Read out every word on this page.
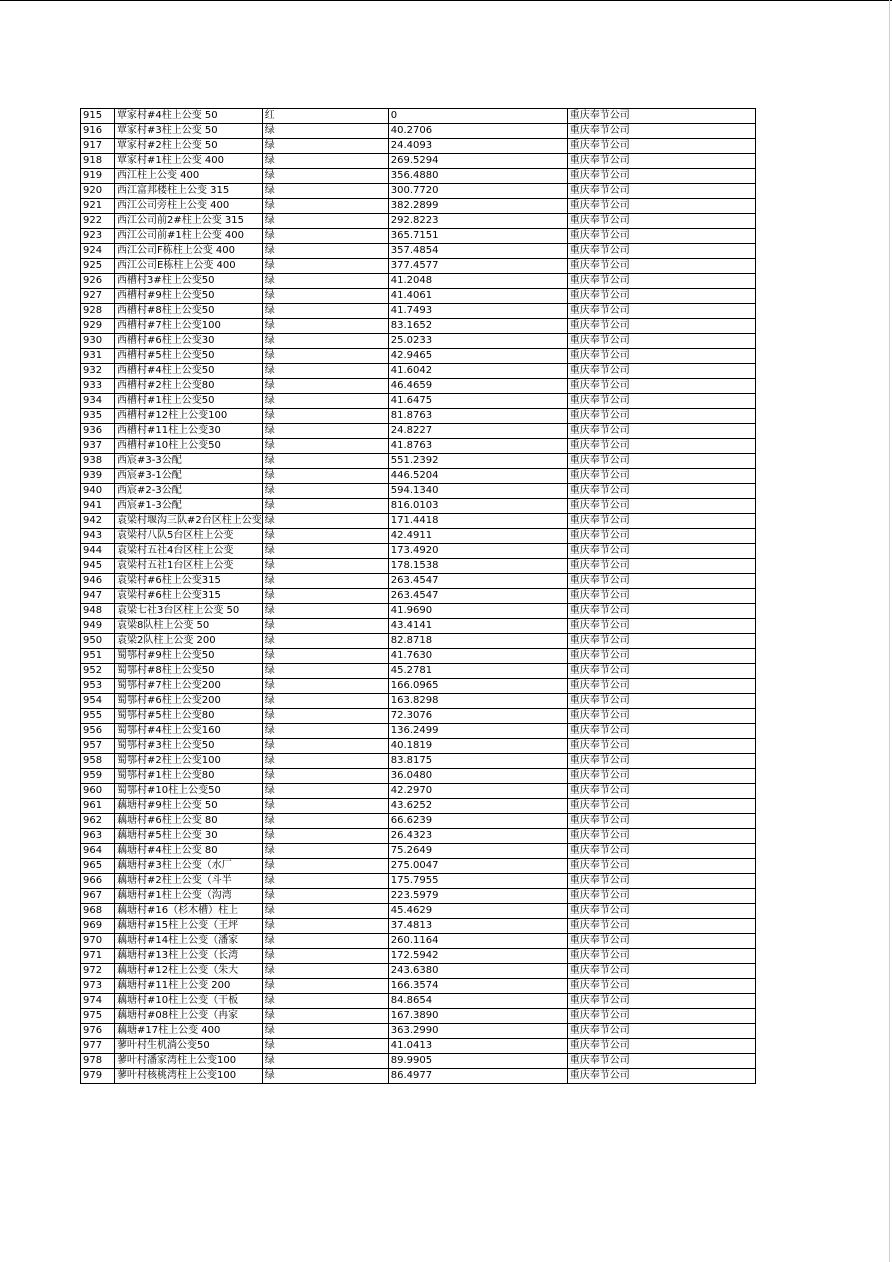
915	覃家村#4柱上公变 50	红	0	重庆奉节公司
916	覃家村#3柱上公变 50	绿	40.2706	重庆奉节公司
917	覃家村#2柱上公变 50	绿	24.4093	重庆奉节公司
918	覃家村#1柱上公变 400	绿	269.5294	重庆奉节公司
919	西江柱上公变 400	绿	356.4880	重庆奉节公司
920	西江富邦楼柱上公变 315	绿	300.7720	重庆奉节公司
921	西江公司旁柱上公变 400	绿	382.2899	重庆奉节公司
922	西江公司前2#柱上公变 315	绿	292.8223	重庆奉节公司
923	西江公司前#1柱上公变 400	绿	365.7151	重庆奉节公司
924	西江公司F栋柱上公变 400	绿	357.4854	重庆奉节公司
925	西江公司E栋柱上公变 400	绿	377.4577	重庆奉节公司
926	西槽村3#柱上公变50	绿	41.2048	重庆奉节公司
927	西槽村#9柱上公变50	绿	41.4061	重庆奉节公司
928	西槽村#8柱上公变50	绿	41.7493	重庆奉节公司
929	西槽村#7柱上公变100	绿	83.1652	重庆奉节公司
930	西槽村#6柱上公变30	绿	25.0233	重庆奉节公司
931	西槽村#5柱上公变50	绿	42.9465	重庆奉节公司
932	西槽村#4柱上公变50	绿	41.6042	重庆奉节公司
933	西槽村#2柱上公变80	绿	46.4659	重庆奉节公司
934	西槽村#1柱上公变50	绿	41.6475	重庆奉节公司
935	西槽村#12柱上公变100	绿	81.8763	重庆奉节公司
936	西槽村#11柱上公变30	绿	24.8227	重庆奉节公司
937	西槽村#10柱上公变50	绿	41.8763	重庆奉节公司
938	西宸#3-3公配	绿	551.2392	重庆奉节公司
939	西宸#3-1公配	绿	446.5204	重庆奉节公司
940	西宸#2-3公配	绿	594.1340	重庆奉节公司
941	西宸#1-3公配	绿	816.0103	重庆奉节公司
942	袁梁村堰沟三队#2台区柱上公变	绿	171.4418	重庆奉节公司
943	袁梁村八队5台区柱上公变	绿	42.4911	重庆奉节公司
944	袁梁村五社4台区柱上公变	绿	173.4920	重庆奉节公司
945	袁梁村五社1台区柱上公变	绿	178.1538	重庆奉节公司
946	袁梁村#6柱上公变315	绿	263.4547	重庆奉节公司
947	袁梁村#6柱上公变315	绿	263.4547	重庆奉节公司
948	袁梁七社3台区柱上公变 50	绿	41.9690	重庆奉节公司
949	袁梁8队柱上公变 50	绿	43.4141	重庆奉节公司
950	袁梁2队柱上公变 200	绿	82.8718	重庆奉节公司
951	蜀鄂村#9柱上公变50	绿	41.7630	重庆奉节公司
952	蜀鄂村#8柱上公变50	绿	45.2781	重庆奉节公司
953	蜀鄂村#7柱上公变200	绿	166.0965	重庆奉节公司
954	蜀鄂村#6柱上公变200	绿	163.8298	重庆奉节公司
955	蜀鄂村#5柱上公变80	绿	72.3076	重庆奉节公司
956	蜀鄂村#4柱上公变160	绿	136.2499	重庆奉节公司
957	蜀鄂村#3柱上公变50	绿	40.1819	重庆奉节公司
958	蜀鄂村#2柱上公变100	绿	83.8175	重庆奉节公司
959	蜀鄂村#1柱上公变80	绿	36.0480	重庆奉节公司
960	蜀鄂村#10柱上公变50	绿	42.2970	重庆奉节公司
961	藕塘村#9柱上公变 50	绿	43.6252	重庆奉节公司
962	藕塘村#6柱上公变 80	绿	66.6239	重庆奉节公司
963	藕塘村#5柱上公变 30	绿	26.4323	重庆奉节公司
964	藕塘村#4柱上公变 80	绿	75.2649	重庆奉节公司
965	藕塘村#3柱上公变（水厂	绿	275.0047	重庆奉节公司
966	藕塘村#2柱上公变（斗半	绿	175.7955	重庆奉节公司
967	藕塘村#1柱上公变（沟湾	绿	223.5979	重庆奉节公司
968	藕塘村#16（杉木槽）柱上	绿	45.4629	重庆奉节公司
969	藕塘村#15柱上公变（王坪	绿	37.4813	重庆奉节公司
970	藕塘村#14柱上公变（潘家	绿	260.1164	重庆奉节公司
971	藕塘村#13柱上公变（长湾	绿	172.5942	重庆奉节公司
972	藕塘村#12柱上公变（朱大	绿	243.6380	重庆奉节公司
973	藕塘村#11柱上公变 200	绿	166.3574	重庆奉节公司
974	藕塘村#10柱上公变（干板	绿	84.8654	重庆奉节公司
975	藕塘村#08柱上公变（冉家	绿	167.3890	重庆奉节公司
976	藕塘#17柱上公变 400	绿	363.2990	重庆奉节公司
977	蓼叶村生机淌公变50	绿	41.0413	重庆奉节公司
978	蓼叶村潘家湾柱上公变100	绿	89.9905	重庆奉节公司
979	蓼叶村核桃湾柱上公变100	绿	86.4977	重庆奉节公司
